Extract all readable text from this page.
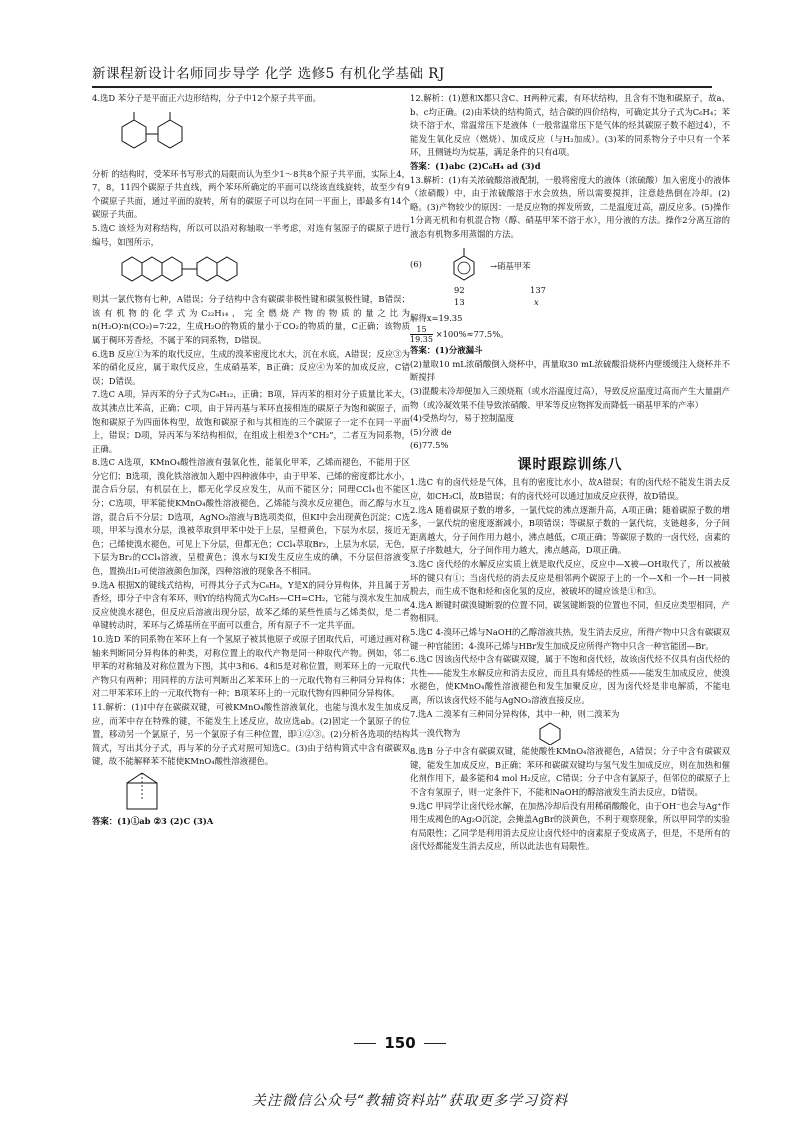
新课程新设计名师同步导学 化学 选修5 有机化学基础 RJ

4.选D 苯分子是平面正六边形结构，分子中12个原子共平面。

分析 的结构时，受苯环书写形式的局限而认为至少1～8共8个原子共平面，实际上4，7，8，11四个碳原子共直线，两个苯环所确定的平面可以绕该直线旋转，故至少有9个碳原子共面，通过平面的旋转，所有的碳原子可以均在同一平面上，即最多有14个碳原子共面。

5.选C 该烃为对称结构，所以可以沿对称轴取一半考虑，对连有氢原子的碳原子进行编号，如图所示，

则其一氯代物有七种，A错误；分子结构中含有碳碳非极性键和碳氢极性键，B错误；该有机物的化学式为C₂₂H₁₄，完全燃烧产物的物质的量之比为n(H₂O)∶n(CO₂)=7∶22，生成H₂O的物质的量小于CO₂的物质的量，C正确；该物质属于稠环芳香烃，不属于苯的同系物，D错误。

6.选B 反应①为苯的取代反应，生成的溴苯密度比水大，沉在水底，A错误；反应③为苯的硝化反应，属于取代反应，生成硝基苯，B正确；反应④为苯的加成反应，C错误；D错误。

7.选C A项，异丙苯的分子式为C₉H₁₂，正确；B项，异丙苯的相对分子质量比苯大，故其沸点比苯高，正确；C项，由于异丙基与苯环直接相连的碳原子为饱和碳原子，而饱和碳原子为四面体构型，故饱和碳原子和与其相连的三个碳原子一定不在同一平面上，错误；D项，异丙苯与苯结构相似，在组成上相差3个“CH₂”，二者互为同系物，正确。

8.选C A选项，KMnO₄酸性溶液有强氧化性，能氧化甲苯，乙烯而褪色，不能用于区分它们；B选项，溴化铁溶液加入题中四种液体中，由于甲苯、己烯的密度都比水小，混合后分层，有机层在上，都无化学反应发生，从而不能区分；同理CCl₄也不能区分；C选项，甲苯能使KMnO₄酸性溶液褪色，乙烯能与溴水反应褪色，而乙醇与水互溶，混合后不分层；D选项，AgNO₃溶液与B选项类似，但KI中会出现黄色沉淀；C选项，甲苯与溴水分层，溴被萃取到甲苯中处于上层，呈橙黄色，下层为水层，接近无色；己烯使溴水褪色，可见上下分层，但都无色；CCl₄萃取Br₂，上层为水层，无色，下层为Br₂的CCl₄溶液，呈橙黄色；溴水与KI发生反应生成的碘，不分层但溶液变色，置换出I₂可使溶液颜色加深，四种溶液的现象各不相同。

9.选A 根据X的键线式结构，可得其分子式为C₈H₈，Y是X的同分异构体，并且属于芳香烃，即分子中含有苯环，则Y的结构简式为C₆H₅—CH=CH₂，它能与溴水发生加成反应使溴水褪色，但反应后溶液出现分层，故苯乙烯的某些性质与乙烯类似，是二者单键转动时，苯环与乙烯基所在平面可以重合，所有原子不一定共平面。

10.选D 苯的同系物在苯环上有一个氢原子被其他原子或原子团取代后，可通过画对称轴来判断同分异构体的种类，对称位置上的取代产物是同一种取代产物。例如，邻二甲苯的对称轴及对称位置为下图，其中3和6、4和5是对称位置，则苯环上的一元取代产物只有两种；用同样的方法可判断出乙苯苯环上的一元取代物有三种同分异构体；对二甲苯苯环上的一元取代物有一种；B项苯环上的一元取代物有四种同分异构体。

11.解析：(1)Ⅰ中存在碳碳双键，可被KMnO₄酸性溶液氧化，也能与溴水发生加成反应，而苯中存在特殊的键，不能发生上述反应，故应选ab。(2)固定一个氯原子的位置，移动另一个氯原子，另一个氯原子有三种位置，即①②③。(2)分析各选项的结构简式，写出其分子式，再与苯的分子式对照可知选C。(3)由于结构简式中含有碳碳双键，故不能解释苯不能使KMnO₄酸性溶液褪色。

答案：(1)①ab ②3 (2)C (3)A

12.解析：(1)蒽和X都只含C、H两种元素，有环状结构，且含有不饱和碳原子，故a、b、c均正确。(2)由苯炔的结构简式，结合碳的四价结构，可确定其分子式为C₆H₄；苯炔不溶于水，常温常压下是液体（一般常温常压下是气体的烃其碳原子数不超过4），不能发生氧化反应（燃烧）、加成反应（与H₂加成）。(3)苯的同系物分子中只有一个苯环，且侧链均为烷基，满足条件的只有d项。

答案：(1)abc (2)C₆H₄ ad (3)d

13.解析：(1)有关浓硫酸溶液配制，一般将密度大的液体（浓硫酸）加入密度小的液体（浓硝酸）中，由于浓硫酸溶于水会放热，所以需要搅拌，注意趁热倒在冷却。(2)略。(3)产物较少的原因：一是反应物的挥发所致，二是温度过高，副反应多。(5)操作1分离无机和有机混合物（醇、硝基甲苯不溶于水），用分液的方法。操作2分离互溶的液态有机物多用蒸馏的方法。

(6)	→硝基甲苯
92	137
13	x

解得x=19.35

$\frac{15}{19.35} \times 100\%\approx 77.5\%$。

答案：(1)分液漏斗

(2)量取10 mL浓硝酸倒入烧杯中，再量取30 mL浓硫酸沿烧杯内壁缓缓注入烧杯并不断搅拌

(3)混酸未冷却便加入三颈烧瓶（或水浴温度过高），导致反应温度过高而产生大量副产物（或冷凝效果不佳导致浓硝酸、甲苯等反应物挥发而降低一硝基甲苯的产率）

(4)受热均匀，易于控制温度

(5)分液 de

(6)77.5%

课时跟踪训练八

1.选C 有的卤代烃是气体，且有的密度比水小，故A错误；有的卤代烃不能发生消去反应，如CH₃Cl，故B错误；有的卤代烃可以通过加成反应获得，故D错误。

2.选A 随着碳原子数的增多，一氯代烷的沸点逐渐升高，A项正确；随着碳原子数的增多，一氯代烷的密度逐渐减小，B项错误；等碳原子数的一氯代烷，支链越多，分子间距离越大，分子间作用力越小，沸点越低，C项正确；等碳原子数的一卤代烃，卤素的原子序数越大，分子间作用力越大，沸点越高，D项正确。

3.选C 卤代烃的水解反应实质上就是取代反应，反应中—X被—OH取代了，所以被破坏的键只有①；当卤代烃的消去反应是相邻两个碳原子上的一个—X和一个—H一同被脱去，而生成不饱和烃和卤化氢的反应，被破坏的键应该是①和③。

4.选A 断键时碳溴键断裂的位置不同，碳氢键断裂的位置也不同，但反应类型相同，产物相同。

5.选C 4-溴环己烯与NaOH的乙醇溶液共热，发生消去反应，所得产物中只含有碳碳双键一种官能团；4-溴环己烯与HBr发生加成反应所得产物中只含一种官能团—Br。

6.选C 因该卤代烃中含有碳碳双键，属于不饱和卤代烃，故该卤代烃不仅具有卤代烃的共性——能发生水解反应和消去反应，而且具有烯烃的性质——能发生加成反应，使溴水褪色，使KMnO₄酸性溶液褪色和发生加聚反应，因为卤代烃是非电解质，不能电离，所以该卤代烃不能与AgNO₃溶液直接反应。

7.选A 二溴苯有三种同分异构体，其中一种，则二溴苯为

其一溴代物为

8.选B 分子中含有碳碳双键，能使酸性KMnO₄溶液褪色，A错误；分子中含有碳碳双键，能发生加成反应，B正确；苯环和碳碳双键均与氢气发生加成反应，则在加热和催化剂作用下，最多能和4 mol H₂反应，C错误；分子中含有氯原子，但邻位的碳原子上不含有氢原子，则一定条件下，不能和NaOH的醇溶液发生消去反应，D错误。

9.选C 甲同学让卤代烃水解，在加热冷却后没有用稀硝酸酸化，由于OH⁻也会与Ag⁺作用生成褐色的Ag₂O沉淀，会掩盖AgBr的淡黄色，不利于观察现象，所以甲同学的实验有局限性；乙同学是利用消去反应让卤代烃中的卤素原子变成离子，但是，不是所有的卤代烃都能发生消去反应，所以此法也有局限性。

150
关注微信公众号“教辅资料站”获取更多学习资料
